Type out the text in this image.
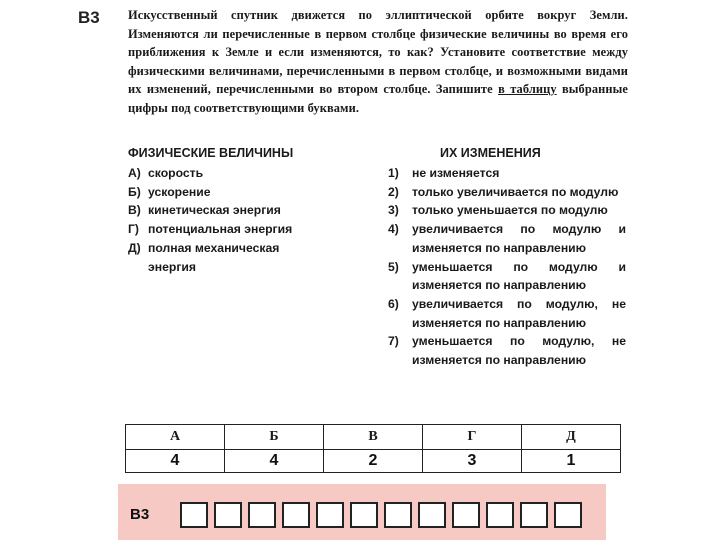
B3 Искусственный спутник движется по эллиптической орбите вокруг Земли. Изменяются ли перечисленные в первом столбце физические величины во время его приближения к Земле и если изменяются, то как? Установите соответствие между физическими величинами, перечисленными в первом столбце, и возможными видами их изменений, перечисленными во втором столбце. Запишите в таблицу выбранные цифры под соответствующими буквами.
ФИЗИЧЕСКИЕ ВЕЛИЧИНЫ	ИХ ИЗМЕНЕНИЯ
А) скорость
Б) ускорение
В) кинетическая энергия
Г) потенциальная энергия
Д) полная механическая энергия
1)	не изменяется
2)	только увеличивается по модулю
3)	только уменьшается по модулю
4)	увеличивается по модулю и изменяется по направлению
5)	уменьшается по модулю и изменяется по направлению
6)	увеличивается по модулю, не изменяется по направлению
7)	уменьшается по модулю, не изменяется по направлению
А	Б	В	Г	Д
4	4	2	3	1
B3
